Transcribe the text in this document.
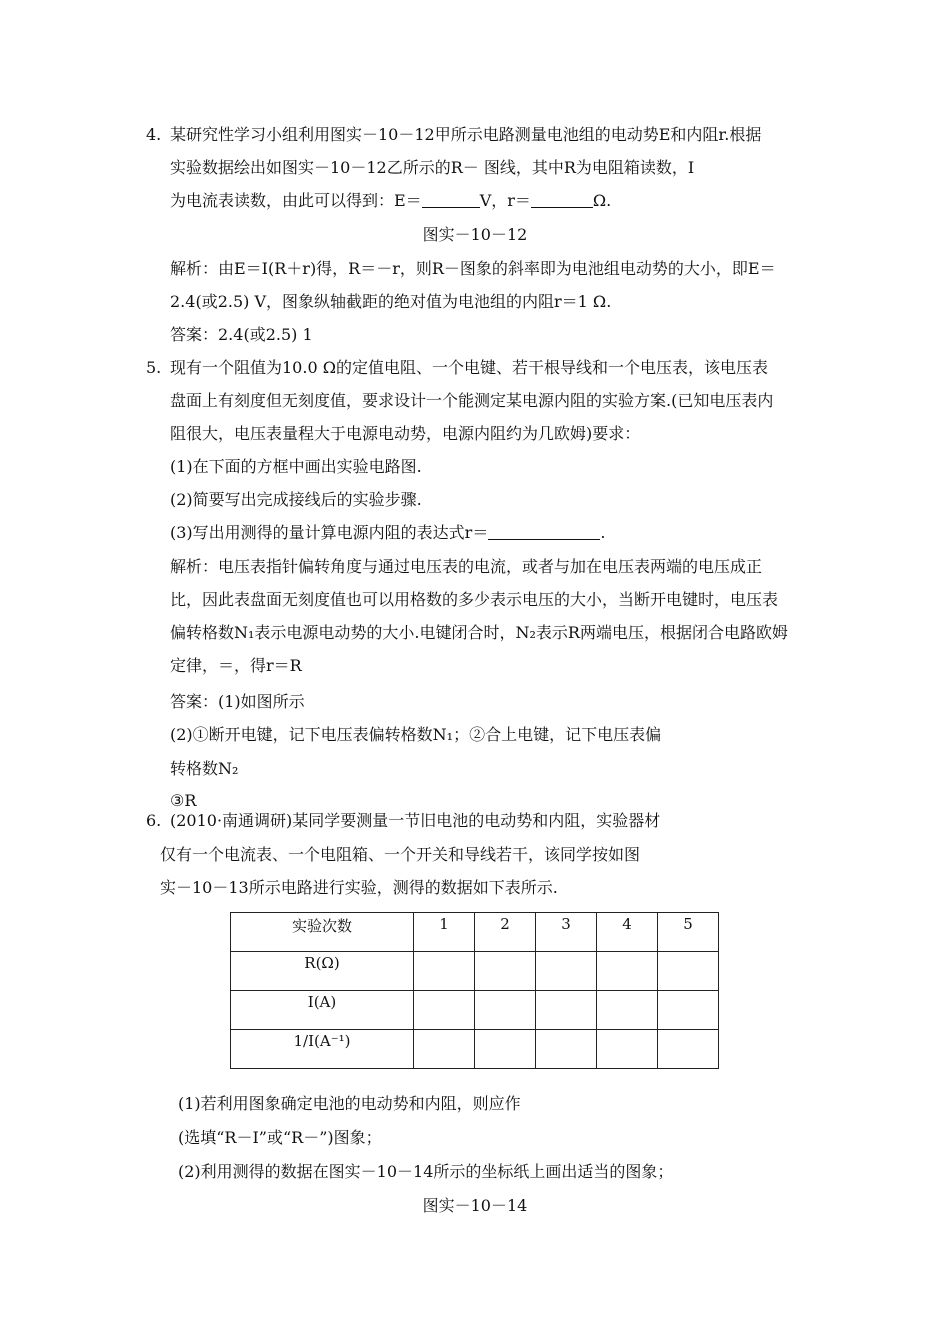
4. 某研究性学习小组利用图实－10－12甲所示电路测量电池组的电动势E和内阻r.根据
实验数据绘出如图实－10－12乙所示的R－ 图线，其中R为电阻箱读数，I
为电流表读数，由此可以得到：E＝	V，r＝	Ω.
图实－10－12
解析：由E＝I(R＋r)得，R＝－r，则R－图象的斜率即为电池组电动势的大小，即E＝
2.4(或2.5) V，图象纵轴截距的绝对值为电池组的内阻r＝1 Ω.
答案：2.4(或2.5) 1
5. 现有一个阻值为10.0 Ω的定值电阻、一个电键、若干根导线和一个电压表，该电压表
盘面上有刻度但无刻度值，要求设计一个能测定某电源内阻的实验方案.(已知电压表内
阻很大，电压表量程大于电源电动势，电源内阻约为几欧姆)要求：
(1)在下面的方框中画出实验电路图.
(2)简要写出完成接线后的实验步骤.
(3)写出用测得的量计算电源内阻的表达式r＝	.
解析：电压表指针偏转角度与通过电压表的电流，或者与加在电压表两端的电压成正
比，因此表盘面无刻度值也可以用格数的多少表示电压的大小，当断开电键时，电压表
偏转格数N₁表示电源电动势的大小.电键闭合时，N₂表示R两端电压，根据闭合电路欧姆
定律，＝，得r＝R
答案：(1)如图所示
(2)①断开电键，记下电压表偏转格数N₁；②合上电键，记下电压表偏
转格数N₂
③R
6. (2010·南通调研)某同学要测量一节旧电池的电动势和内阻，实验器材
仅有一个电流表、一个电阻箱、一个开关和导线若干，该同学按如图
实－10－13所示电路进行实验，测得的数据如下表所示.
实验次数	1	2	3	4	5
R(Ω)					
I(A)					
1/I(A⁻¹)					
(1)若利用图象确定电池的电动势和内阻，则应作
(选填“R－I”或“R－”)图象；
(2)利用测得的数据在图实－10－14所示的坐标纸上画出适当的图象；
图实－10－14
